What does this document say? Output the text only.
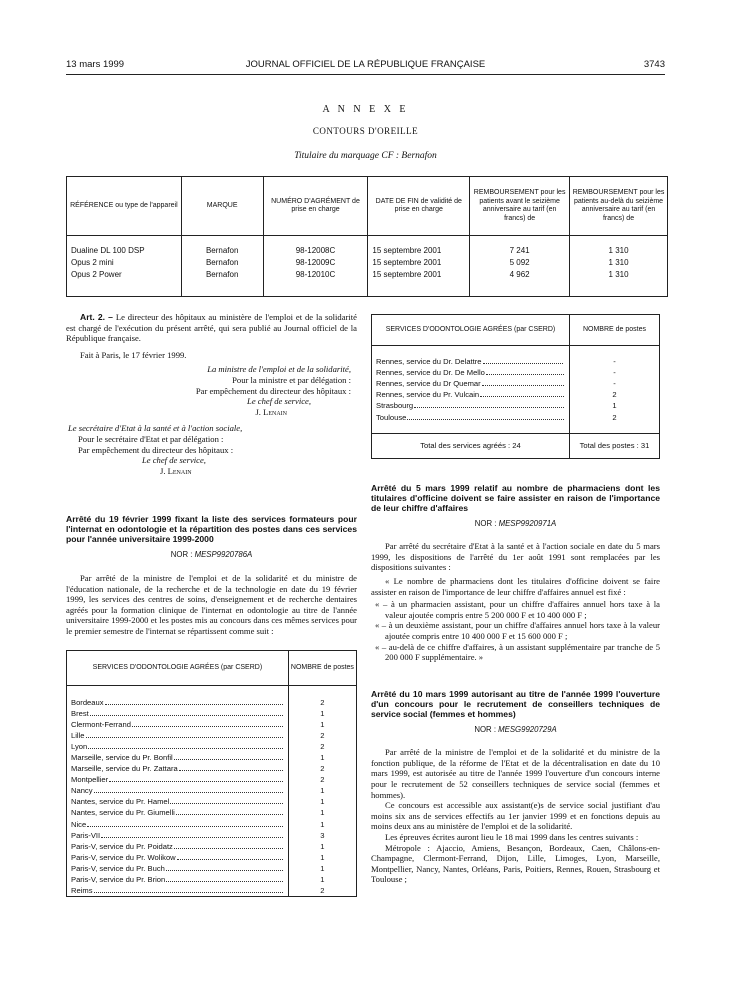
13 mars 1999	JOURNAL OFFICIEL DE LA RÉPUBLIQUE FRANÇAISE	3743
A N N E X E
CONTOURS D'OREILLE
Titulaire du marquage CF : Bernafon
RÉFÉRENCE ou type de l'appareil	MARQUE	NUMÉRO D'AGRÉMENT de prise en charge	DATE DE FIN de validité de prise en charge	REMBOURSEMENT pour les patients avant le seizième anniversaire au tarif (en francs) de	REMBOURSEMENT pour les patients au-delà du seizième anniversaire au tarif (en francs) de

Dualine DL 100 DSP	Bernafon	98-12008C	15 septembre 2001	7 241	1 310
Opus 2 mini	Bernafon	98-12009C	15 septembre 2001	5 092	1 310
Opus 2 Power	Bernafon	98-12010C	15 septembre 2001	4 962	1 310

Art. 2. – Le directeur des hôpitaux au ministère de l'emploi et de la solidarité est chargé de l'exécution du présent arrêté, qui sera publié au Journal officiel de la République française.

Fait à Paris, le 17 février 1999.

La ministre de l'emploi et de la solidarité,

Pour la ministre et par délégation :

Par empêchement du directeur des hôpitaux :

Le chef de service,

J. Lenain

Le secrétaire d'Etat à la santé et à l'action sociale,

Pour le secrétaire d'Etat et par délégation :

Par empêchement du directeur des hôpitaux :

Le chef de service,

J. Lenain

Arrêté du 19 février 1999 fixant la liste des services formateurs pour l'internat en odontologie et la répartition des postes dans ces services pour l'année universitaire 1999-2000

NOR : MESP9920786A

Par arrêté de la ministre de l'emploi et de la solidarité et du ministre de l'éducation nationale, de la recherche et de la technologie en date du 19 février 1999, les services des centres de soins, d'enseignement et de recherche dentaires agréés pour la formation clinique de l'internat en odontologie au titre de l'année universitaire 1999-2000 et les postes mis au concours dans ces mêmes services pour le premier semestre de l'internat se répartissent comme suit :

SERVICES D'ODONTOLOGIE AGRÉES (par CSERD)	NOMBRE de postes

Bordeaux	2
Brest	1
Clermont-Ferrand	1
Lille	2
Lyon	2
Marseille, service du Pr. Bonfil	1
Marseille, service du Pr. Zattara	2
Montpellier	2
Nancy	1
Nantes, service du Pr. Hamel	1
Nantes, service du Pr. Giumelli	1
Nice	1
Paris-VII	3
Paris-V, service du Pr. Poidatz	1
Paris-V, service du Pr. Wolikow	1
Paris-V, service du Pr. Buch	1
Paris-V, service du Pr. Brion	1
Reims	2
SERVICES D'ODONTOLOGIE AGRÉES (par CSERD)	NOMBRE de postes

Rennes, service du Dr. Delattre	-
Rennes, service du Dr. De Mello	-
Rennes, service du Dr Quemar	-
Rennes, service du Pr. Vulcain	2
Strasbourg	1
Toulouse	2

Total des services agréés : 24	Total des postes : 31

Arrêté du 5 mars 1999 relatif au nombre de pharmaciens dont les titulaires d'officine doivent se faire assister en raison de l'importance de leur chiffre d'affaires

NOR : MESP9920971A

Par arrêté du secrétaire d'Etat à la santé et à l'action sociale en date du 5 mars 1999, les dispositions de l'arrêté du 1er août 1991 sont remplacées par les dispositions suivantes :

« Le nombre de pharmaciens dont les titulaires d'officine doivent se faire assister en raison de l'importance de leur chiffre d'affaires annuel est fixé :

« – à un pharmacien assistant, pour un chiffre d'affaires annuel hors taxe à la valeur ajoutée compris entre 5 200 000 F et 10 400 000 F ;

« – à un deuxième assistant, pour un chiffre d'affaires annuel hors taxe à la valeur ajoutée compris entre 10 400 000 F et 15 600 000 F ;

« – au-delà de ce chiffre d'affaires, à un assistant supplémentaire par tranche de 5 200 000 F supplémentaire. »

Arrêté du 10 mars 1999 autorisant au titre de l'année 1999 l'ouverture d'un concours pour le recrutement de conseillers techniques de service social (femmes et hommes)

NOR : MESG9920729A

Par arrêté de la ministre de l'emploi et de la solidarité et du ministre de la fonction publique, de la réforme de l'Etat et de la décentralisation en date du 10 mars 1999, est autorisée au titre de l'année 1999 l'ouverture d'un concours interne pour le recrutement de 52 conseillers techniques de service social (femmes et hommes).

Ce concours est accessible aux assistant(e)s de service social justifiant d'au moins six ans de services effectifs au 1er janvier 1999 et en fonctions depuis au moins deux ans au ministère de l'emploi et de la solidarité.

Les épreuves écrites auront lieu le 18 mai 1999 dans les centres suivants :

Métropole : Ajaccio, Amiens, Besançon, Bordeaux, Caen, Châlons-en-Champagne, Clermont-Ferrand, Dijon, Lille, Limoges, Lyon, Marseille, Montpellier, Nancy, Nantes, Orléans, Paris, Poitiers, Rennes, Rouen, Strasbourg et Toulouse ;
